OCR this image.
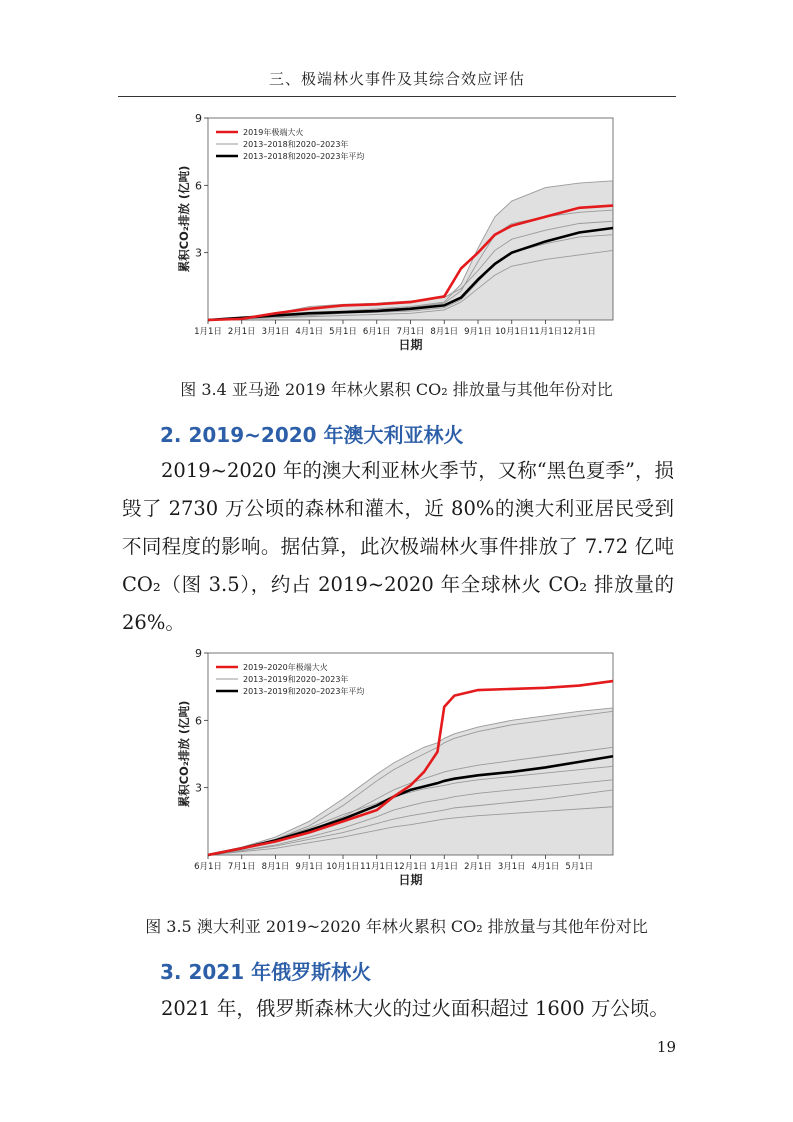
三、极端林火事件及其综合效应评估
3
6
9
1月1日 2月1日 3月1日 4月1日 5月1日 6月1日 7月1日 8月1日 9月1日 10月1日 11月1日 12月1日
日期
累积CO₂排放 (亿吨)
2019年极端大火
2013–2018和2020–2023年
2013–2018和2020–2023年平均
图 3.4 亚马逊 2019 年林火累积 CO₂ 排放量与其他年份对比
2. 2019~2020 年澳大利亚林火

2019~2020 年的澳大利亚林火季节，又称“黑色夏季”，损毁了 2730 万公顷的森林和灌木，近 80%的澳大利亚居民受到不同程度的影响。据估算，此次极端林火事件排放了 7.72 亿吨 CO₂（图 3.5），约占 2019~2020 年全球林火 CO₂ 排放量的 26%。

3
6
9
6月1日 7月1日 8月1日 9月1日 10月1日 11月1日 12月1日 1月1日 2月1日 3月1日 4月1日 5月1日
日期
累积CO₂排放 (亿吨)
2019–2020年极端大火
2013–2019和2020–2023年
2013–2019和2020–2023年平均
图 3.5 澳大利亚 2019~2020 年林火累积 CO₂ 排放量与其他年份对比
3. 2021 年俄罗斯林火

2021 年，俄罗斯森林大火的过火面积超过 1600 万公顷。

19
